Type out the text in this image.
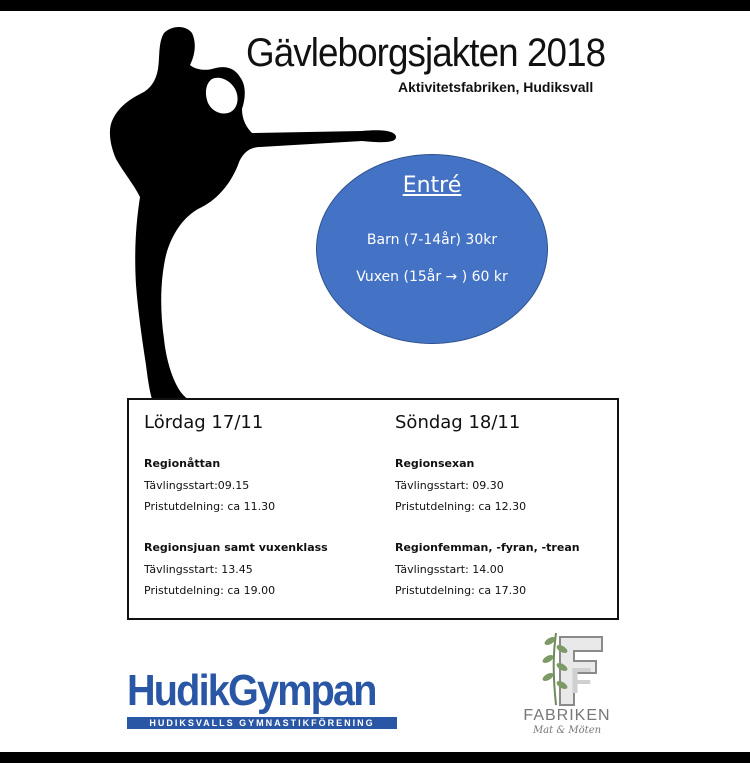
Gävleborgsjakten 2018

Aktivitetsfabriken, Hudiksvall

Entré
Barn (7-14år) 30kr
Vuxen (15år → ) 60 kr
Lördag 17/11
Regionåttan
Tävlingsstart:09.15
Pristutdelning: ca 11.30
Regionsjuan samt vuxenklass
Tävlingsstart: 13.45
Pristutdelning: ca 19.00
Söndag 18/11
Regionsexan
Tävlingsstart: 09.30
Pristutdelning: ca 12.30
Regionfemman, -fyran, -trean
Tävlingsstart: 14.00
Pristutdelning: ca 17.30
HudikGympan
HUDIKSVALLS GYMNASTIKFÖRENING
F
FABRIKEN
Mat & Möten
